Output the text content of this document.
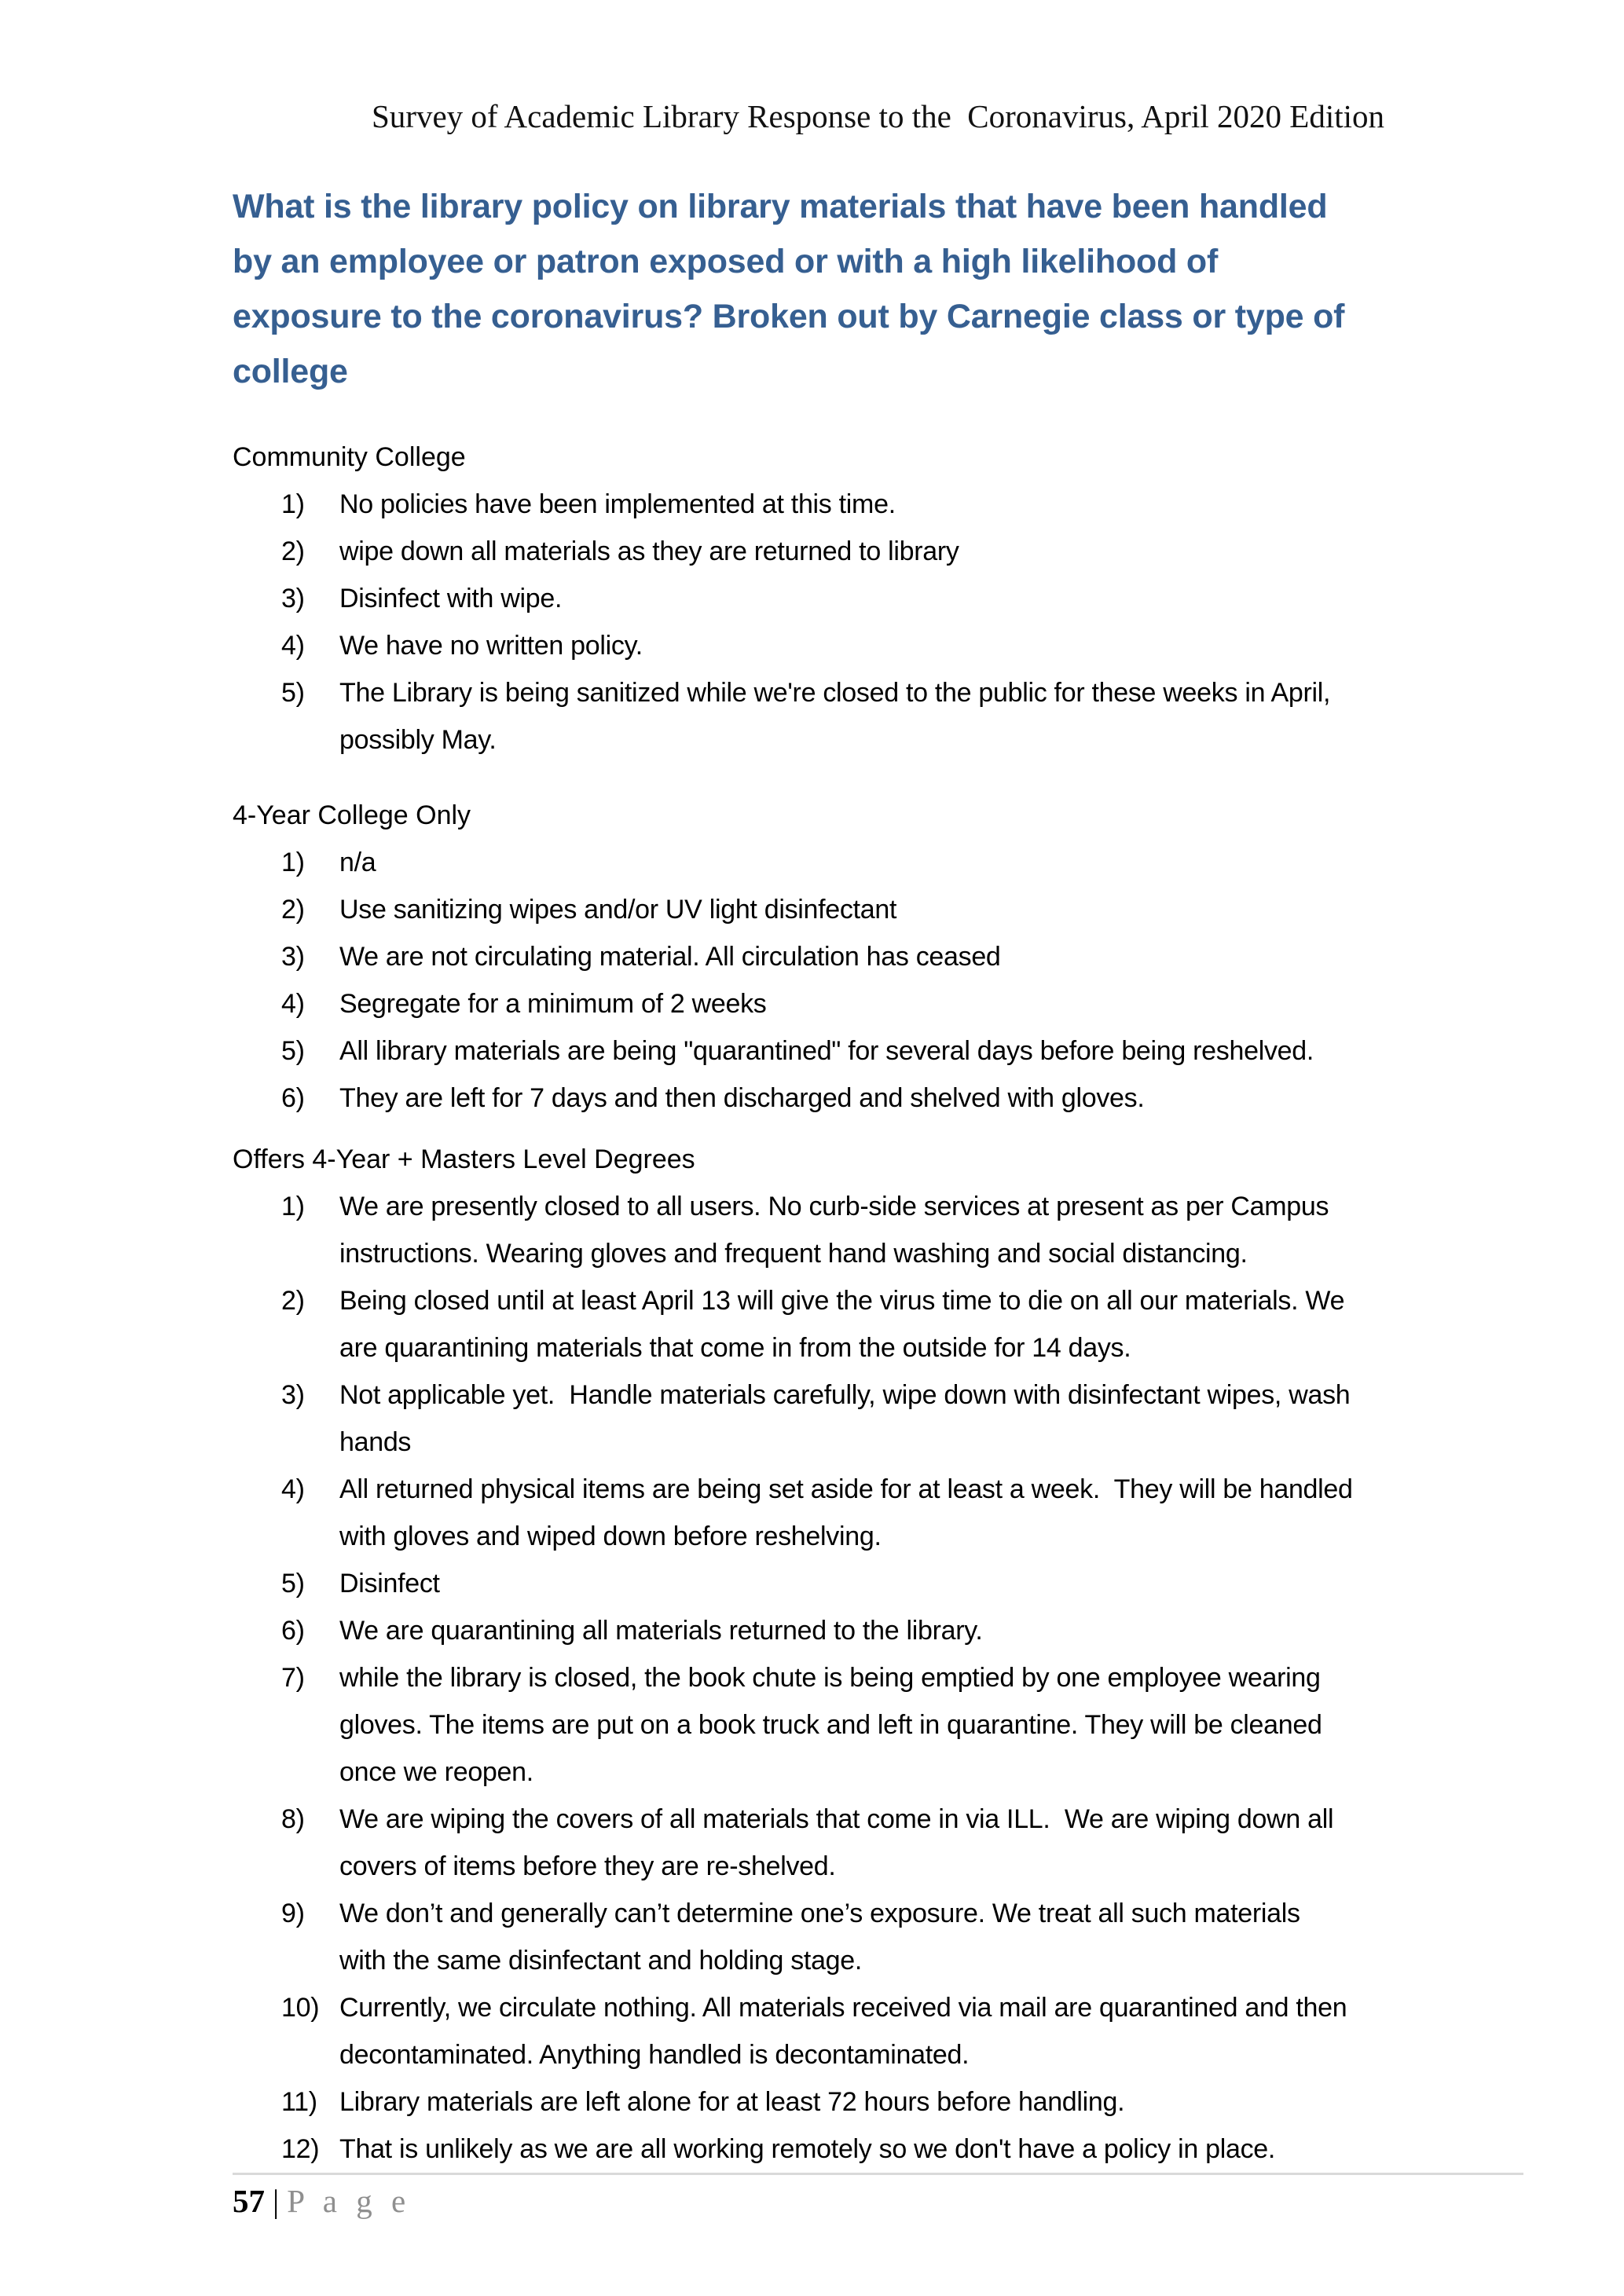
Survey of Academic Library Response to the  Coronavirus, April 2020 Edition
What is the library policy on library materials that have been handled
by an employee or patron exposed or with a high likelihood of
exposure to the coronavirus? Broken out by Carnegie class or type of
college
Community College
1)	No policies have been implemented at this time.
2)	wipe down all materials as they are returned to library
3)	Disinfect with wipe.
4)	We have no written policy.
5)	The Library is being sanitized while we're closed to the public for these weeks in April,
possibly May.
4-Year College Only
1)	n/a
2)	Use sanitizing wipes and/or UV light disinfectant
3)	We are not circulating material. All circulation has ceased
4)	Segregate for a minimum of 2 weeks
5)	All library materials are being "quarantined" for several days before being reshelved.
6)	They are left for 7 days and then discharged and shelved with gloves.
Offers 4-Year + Masters Level Degrees
1)	We are presently closed to all users. No curb-side services at present as per Campus
instructions. Wearing gloves and frequent hand washing and social distancing.
2)	Being closed until at least April 13 will give the virus time to die on all our materials. We
are quarantining materials that come in from the outside for 14 days.
3)	Not applicable yet.  Handle materials carefully, wipe down with disinfectant wipes, wash
hands
4)	All returned physical items are being set aside for at least a week.  They will be handled
with gloves and wiped down before reshelving.
5)	Disinfect
6)	We are quarantining all materials returned to the library.
7)	while the library is closed, the book chute is being emptied by one employee wearing
gloves. The items are put on a book truck and left in quarantine. They will be cleaned
once we reopen.
8)	We are wiping the covers of all materials that come in via ILL.  We are wiping down all
covers of items before they are re-shelved.
9)	We don’t and generally can’t determine one’s exposure. We treat all such materials
with the same disinfectant and holding stage.
10) Currently, we circulate nothing. All materials received via mail are quarantined and then
decontaminated. Anything handled is decontaminated.
11) Library materials are left alone for at least 72 hours before handling.
12) That is unlikely as we are all working remotely so we don't have a policy in place.
57 | P a g e
